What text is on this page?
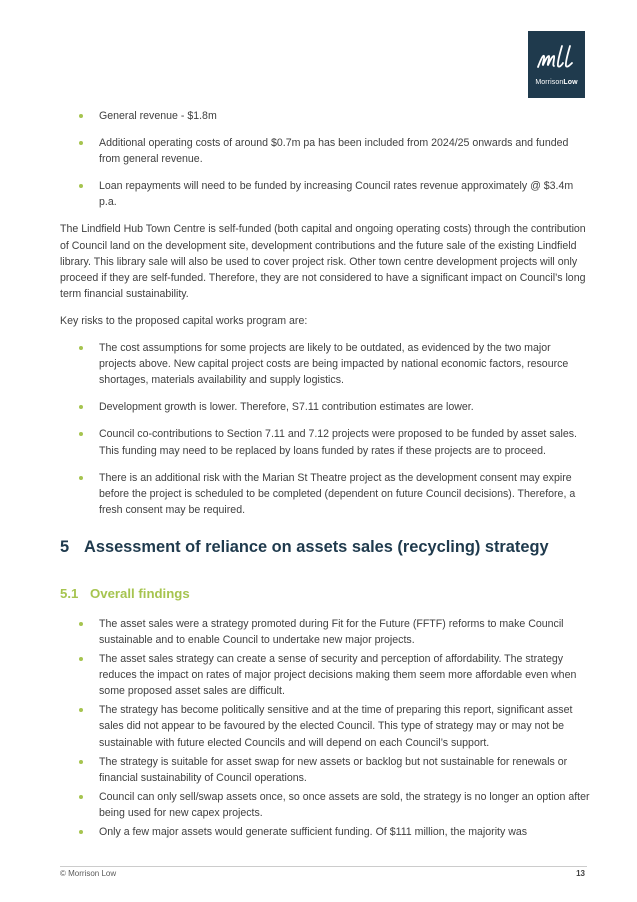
MorrisonLow
General revenue - $1.8m
Additional operating costs of around $0.7m pa has been included from 2024/25 onwards and funded from general revenue.
Loan repayments will need to be funded by increasing Council rates revenue approximately @ $3.4m p.a.

The Lindfield Hub Town Centre is self-funded (both capital and ongoing operating costs) through the contribution of Council land on the development site, development contributions and the future sale of the existing Lindfield library. This library sale will also be used to cover project risk. Other town centre development projects will only proceed if they are self-funded. Therefore, they are not considered to have a significant impact on Council’s long term financial sustainability.

Key risks to the proposed capital works program are:

The cost assumptions for some projects are likely to be outdated, as evidenced by the two major projects above. New capital project costs are being impacted by national economic factors, resource shortages, materials availability and supply logistics.
Development growth is lower. Therefore, S7.11 contribution estimates are lower.
Council co-contributions to Section 7.11 and 7.12 projects were proposed to be funded by asset sales. This funding may need to be replaced by loans funded by rates if these projects are to proceed.
There is an additional risk with the Marian St Theatre project as the development consent may expire before the project is scheduled to be completed (dependent on future Council decisions). Therefore, a fresh consent may be required.
5 Assessment of reliance on assets sales (recycling) strategy
5.1 Overall findings
The asset sales were a strategy promoted during Fit for the Future (FFTF) reforms to make Council sustainable and to enable Council to undertake new major projects.
The asset sales strategy can create a sense of security and perception of affordability. The strategy reduces the impact on rates of major project decisions making them seem more affordable even when some proposed asset sales are difficult.
The strategy has become politically sensitive and at the time of preparing this report, significant asset sales did not appear to be favoured by the elected Council. This type of strategy may or may not be sustainable with future elected Councils and will depend on each Council’s support.
The strategy is suitable for asset swap for new assets or backlog but not sustainable for renewals or financial sustainability of Council operations.
Council can only sell/swap assets once, so once assets are sold, the strategy is no longer an option after being used for new capex projects.
Only a few major assets would generate sufficient funding. Of $111 million, the majority was
© Morrison Low	13
